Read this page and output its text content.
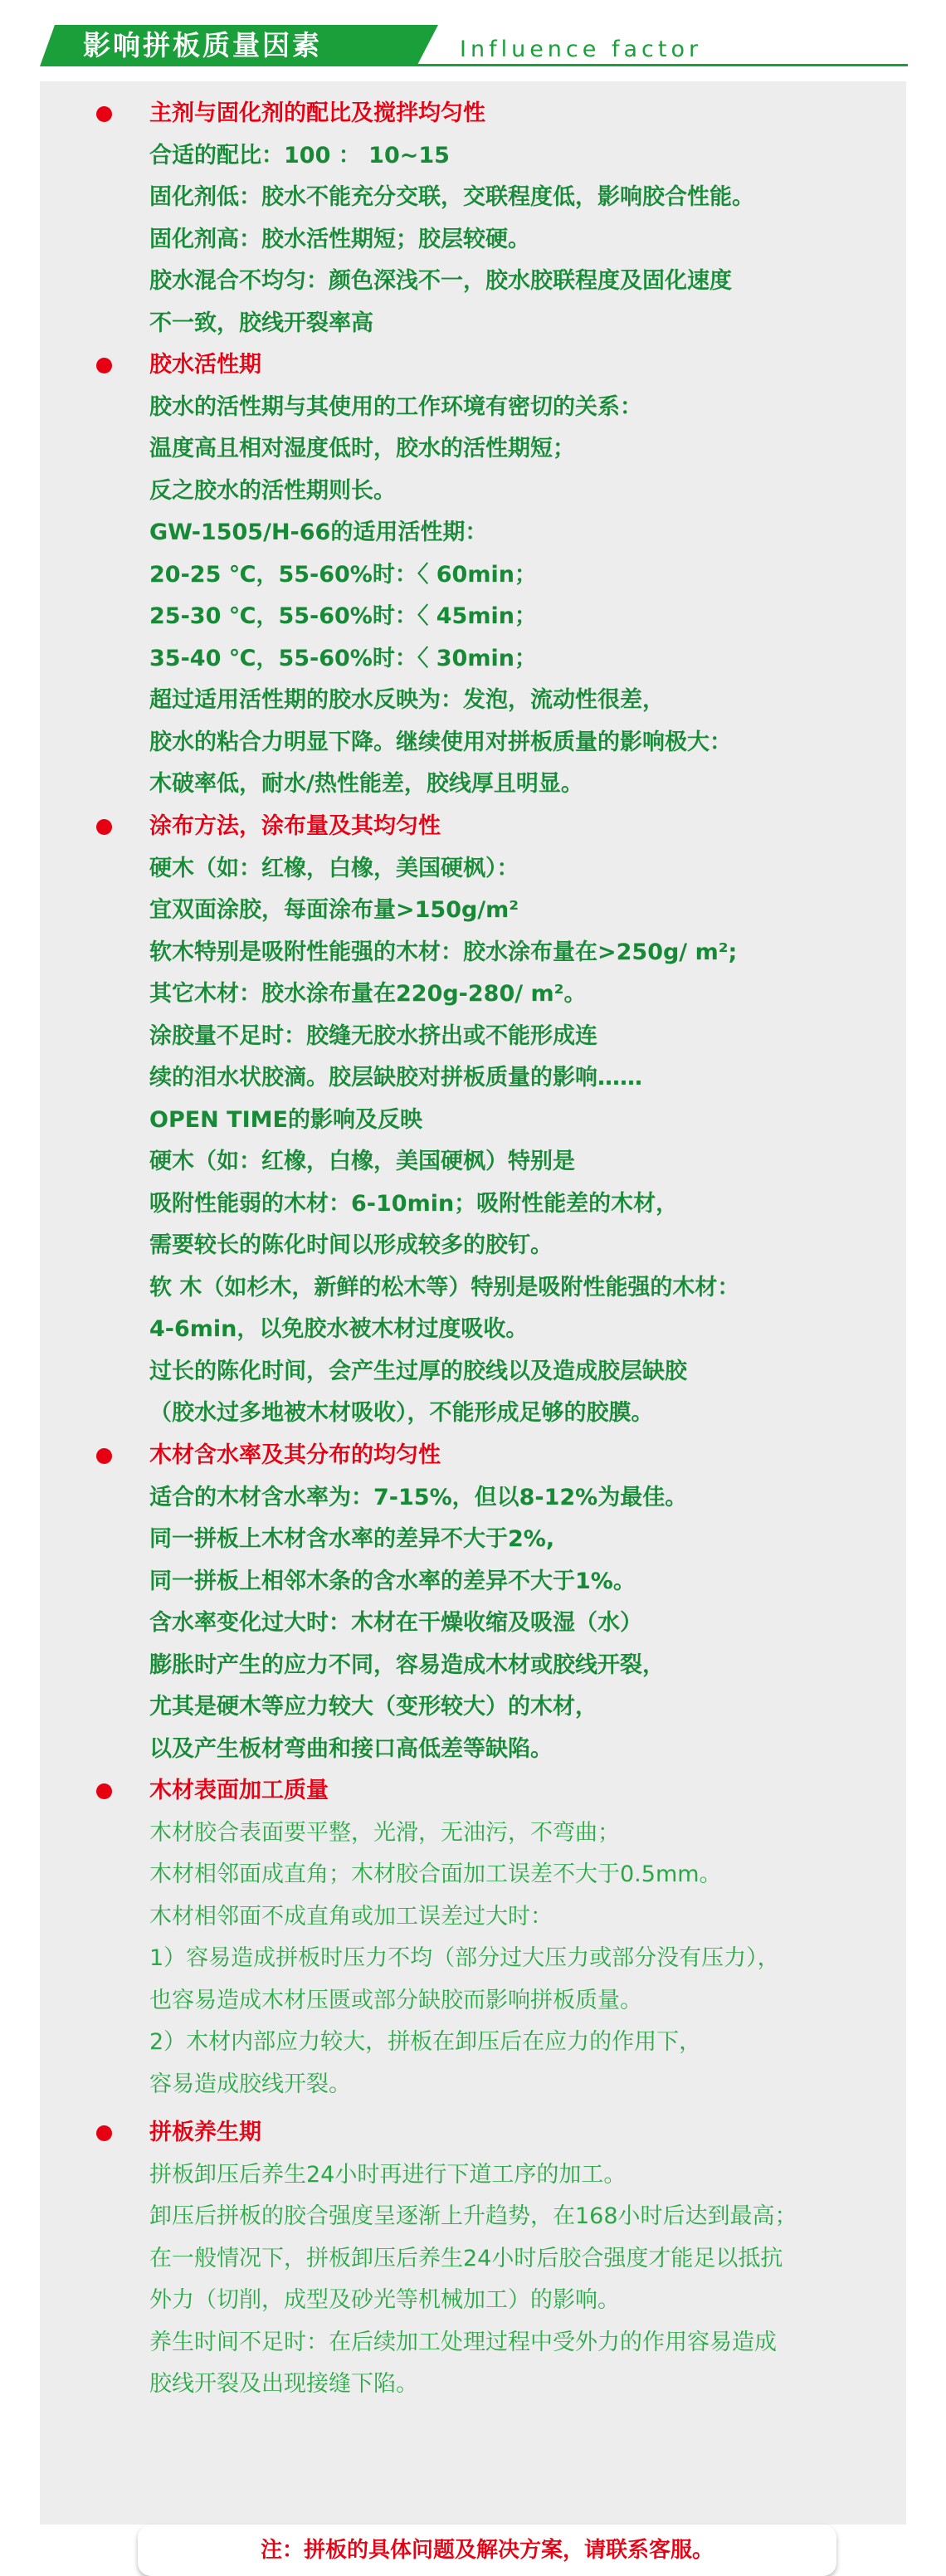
影响拼板质量因素	Influence factor
主剂与固化剂的配比及搅拌均匀性
合适的配比：100 ： 10~15
固化剂低：胶水不能充分交联，交联程度低，影响胶合性能。
固化剂高：胶水活性期短；胶层较硬。
胶水混合不均匀：颜色深浅不一，胶水胶联程度及固化速度
不一致，胶线开裂率高
胶水活性期
胶水的活性期与其使用的工作环境有密切的关系：
温度高且相对湿度低时，胶水的活性期短；
反之胶水的活性期则长。
GW-1505/H-66的适用活性期：
20-25 ℃，55-60%时：〈 60min；
25-30 ℃，55-60%时：〈 45min；
35-40 ℃，55-60%时：〈 30min；
超过适用活性期的胶水反映为：发泡，流动性很差，
胶水的粘合力明显下降。继续使用对拼板质量的影响极大：
木破率低，耐水/热性能差，胶线厚且明显。
涂布方法，涂布量及其均匀性
硬木（如：红橡，白橡，美国硬枫）：
宜双面涂胶，每面涂布量>150g/m²
软木特别是吸附性能强的木材：胶水涂布量在>250g/ m²;
其它木材：胶水涂布量在220g-280/ m²。
涂胶量不足时：胶缝无胶水挤出或不能形成连
续的泪水状胶滴。胶层缺胶对拼板质量的影响……
OPEN TIME的影响及反映
硬木（如：红橡，白橡，美国硬枫）特别是
吸附性能弱的木材：6-10min；吸附性能差的木材，
需要较长的陈化时间以形成较多的胶钉。
软 木（如杉木，新鲜的松木等）特别是吸附性能强的木材：
4-6min，以免胶水被木材过度吸收。
过长的陈化时间，会产生过厚的胶线以及造成胶层缺胶
（胶水过多地被木材吸收），不能形成足够的胶膜。
木材含水率及其分布的均匀性
适合的木材含水率为：7-15%，但以8-12%为最佳。
同一拼板上木材含水率的差异不大于2%,
同一拼板上相邻木条的含水率的差异不大于1%。
含水率变化过大时：木材在干燥收缩及吸湿（水）
膨胀时产生的应力不同，容易造成木材或胶线开裂，
尤其是硬木等应力较大（变形较大）的木材，
以及产生板材弯曲和接口高低差等缺陷。
木材表面加工质量
木材胶合表面要平整，光滑，无油污，不弯曲；
木材相邻面成直角；木材胶合面加工误差不大于0.5mm。
木材相邻面不成直角或加工误差过大时：
1）容易造成拼板时压力不均（部分过大压力或部分没有压力），
也容易造成木材压匮或部分缺胶而影响拼板质量。
2）木材内部应力较大，拼板在卸压后在应力的作用下，
容易造成胶线开裂。
拼板养生期
拼板卸压后养生24小时再进行下道工序的加工。
卸压后拼板的胶合强度呈逐渐上升趋势，在168小时后达到最高；
在一般情况下，拼板卸压后养生24小时后胶合强度才能足以抵抗
外力（切削，成型及砂光等机械加工）的影响。
养生时间不足时：在后续加工处理过程中受外力的作用容易造成
胶线开裂及出现接缝下陷。
注：拼板的具体问题及解决方案，请联系客服。
